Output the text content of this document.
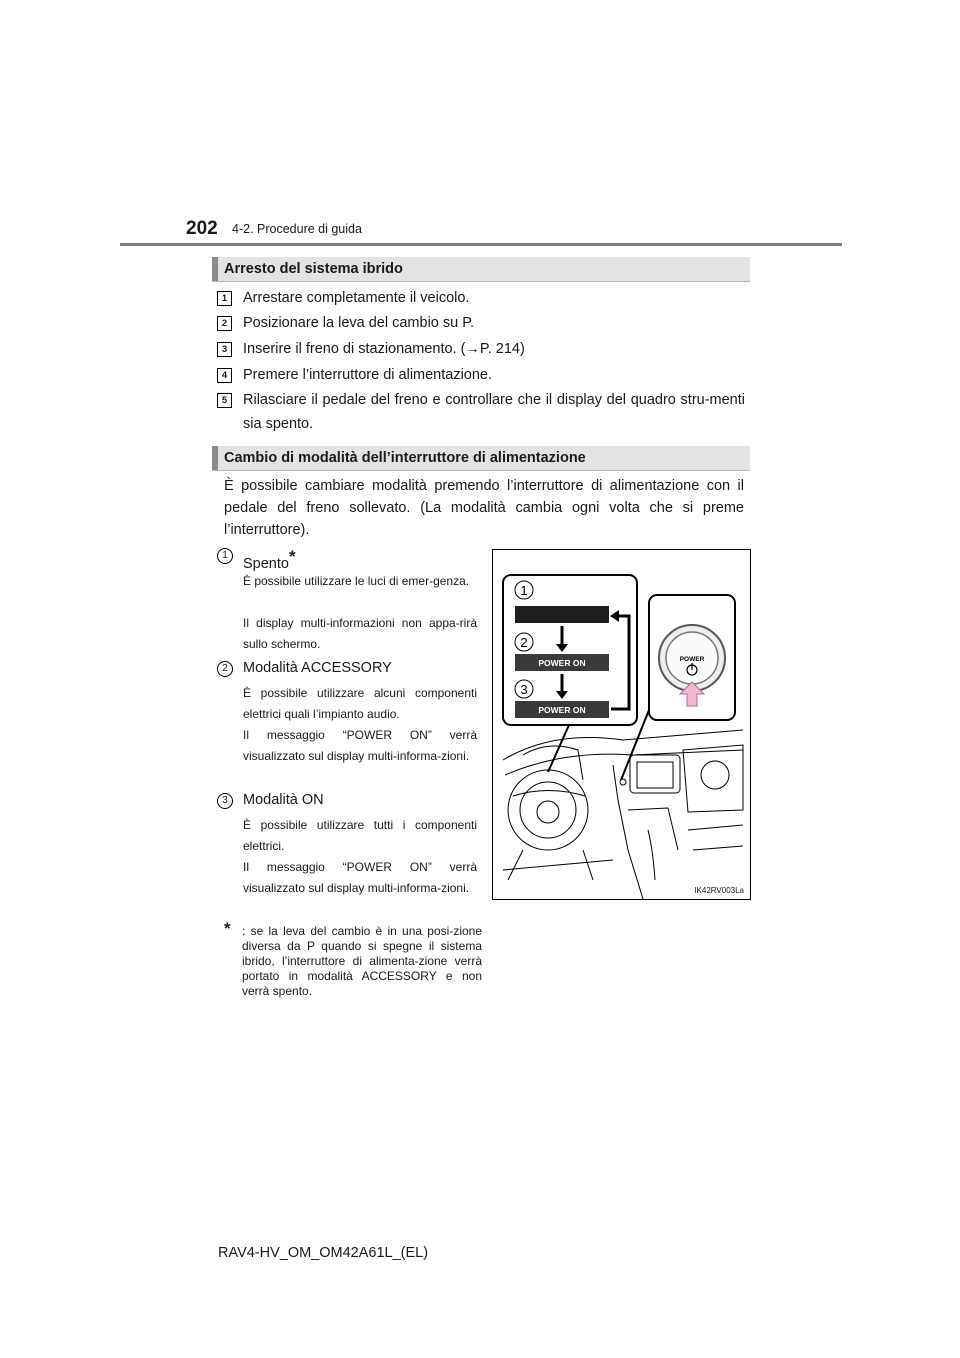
202 4-2. Procedure di guida
Arresto del sistema ibrido
1	Arrestare completamente il veicolo.
2	Posizionare la leva del cambio su P.
3	Inserire il freno di stazionamento. (→P. 214)
4	Premere l’interruttore di alimentazione.
5	Rilasciare il pedale del freno e controllare che il display del quadro stru-menti sia spento.
Cambio di modalità dell’interruttore di alimentazione
È possibile cambiare modalità premendo l’interruttore di alimentazione con il pedale del freno sollevato. (La modalità cambia ogni volta che si preme l’interruttore).
1
Spento*
È possibile utilizzare le luci di emer-genza.
Il display multi-informazioni non appa-rirà sullo schermo.
2	Modalità ACCESSORY
È possibile utilizzare alcuni componenti elettrici quali l’impianto audio.
Il messaggio “POWER ON” verrà visualizzato sul display multi-informa-zioni.
3	Modalità ON
È possibile utilizzare tutti i componenti elettrici.
Il messaggio “POWER ON” verrà visualizzato sul display multi-informa-zioni.
* : se la leva del cambio è in una posi-zione diversa da P quando si spegne il sistema ibrido, l’interruttore di alimenta-zione verrà portato in modalità ACCESSORY e non verrà spento.
1
2
3
POWER ON
POWER ON
POWER
IK42RV003La
RAV4-HV_OM_OM42A61L_(EL)
